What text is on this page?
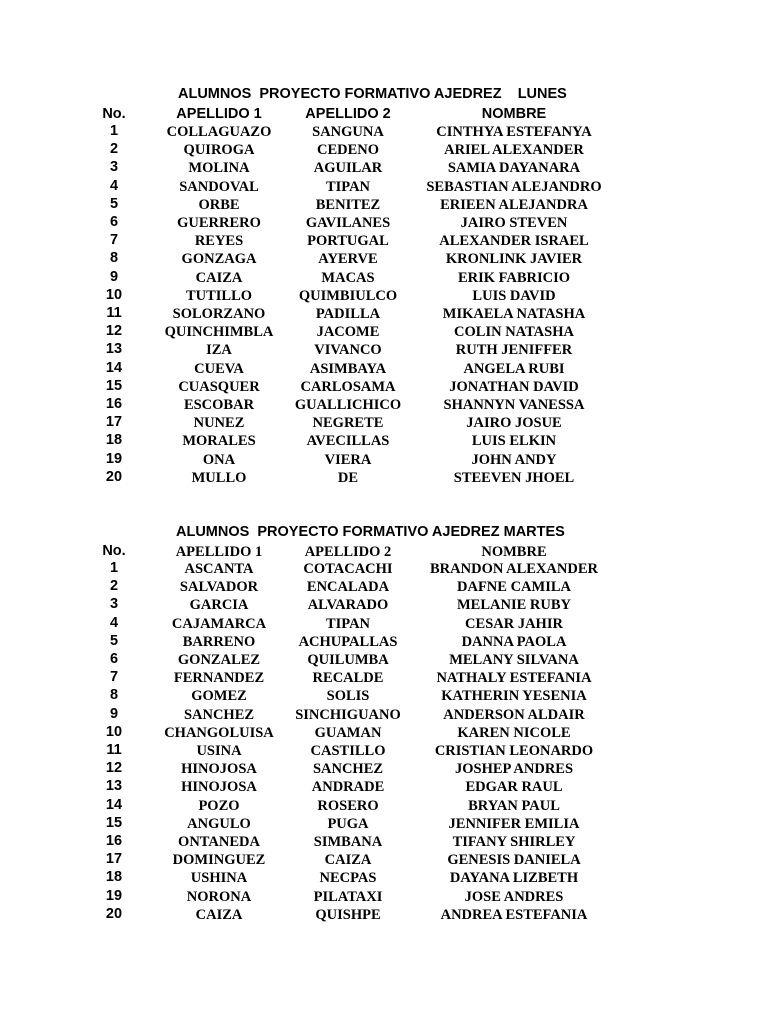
ALUMNOS  PROYECTO FORMATIVO AJEDREZ    LUNES
No.	APELLIDO 1	APELLIDO 2	NOMBRE
1	COLLAGUAZO	SANGUNA	CINTHYA ESTEFANYA
2	QUIROGA	CEDENO	ARIEL ALEXANDER
3	MOLINA	AGUILAR	SAMIA DAYANARA
4	SANDOVAL	TIPAN	SEBASTIAN ALEJANDRO
5	ORBE	BENITEZ	ERIEEN ALEJANDRA
6	GUERRERO	GAVILANES	JAIRO STEVEN
7	REYES	PORTUGAL	ALEXANDER ISRAEL
8	GONZAGA	AYERVE	KRONLINK JAVIER
9	CAIZA	MACAS	ERIK FABRICIO
10	TUTILLO	QUIMBIULCO	LUIS DAVID
11	SOLORZANO	PADILLA	MIKAELA NATASHA
12	QUINCHIMBLA	JACOME	COLIN NATASHA
13	IZA	VIVANCO	RUTH JENIFFER
14	CUEVA	ASIMBAYA	ANGELA RUBI
15	CUASQUER	CARLOSAMA	JONATHAN DAVID
16	ESCOBAR	GUALLICHICO	SHANNYN VANESSA
17	NUNEZ	NEGRETE	JAIRO JOSUE
18	MORALES	AVECILLAS	LUIS ELKIN
19	ONA	VIERA	JOHN ANDY
20	MULLO	DE	STEEVEN JHOEL
ALUMNOS  PROYECTO FORMATIVO AJEDREZ MARTES
No.	APELLIDO 1	APELLIDO 2	NOMBRE
1	ASCANTA	COTACACHI	BRANDON ALEXANDER
2	SALVADOR	ENCALADA	DAFNE CAMILA
3	GARCIA	ALVARADO	MELANIE RUBY
4	CAJAMARCA	TIPAN	CESAR JAHIR
5	BARRENO	ACHUPALLAS	DANNA PAOLA
6	GONZALEZ	QUILUMBA	MELANY SILVANA
7	FERNANDEZ	RECALDE	NATHALY ESTEFANIA
8	GOMEZ	SOLIS	KATHERIN YESENIA
9	SANCHEZ	SINCHIGUANO	ANDERSON ALDAIR
10	CHANGOLUISA	GUAMAN	KAREN NICOLE
11	USINA	CASTILLO	CRISTIAN LEONARDO
12	HINOJOSA	SANCHEZ	JOSHEP ANDRES
13	HINOJOSA	ANDRADE	EDGAR RAUL
14	POZO	ROSERO	BRYAN PAUL
15	ANGULO	PUGA	JENNIFER EMILIA
16	ONTANEDA	SIMBANA	TIFANY SHIRLEY
17	DOMINGUEZ	CAIZA	GENESIS DANIELA
18	USHINA	NECPAS	DAYANA LIZBETH
19	NORONA	PILATAXI	JOSE ANDRES
20	CAIZA	QUISHPE	ANDREA ESTEFANIA
